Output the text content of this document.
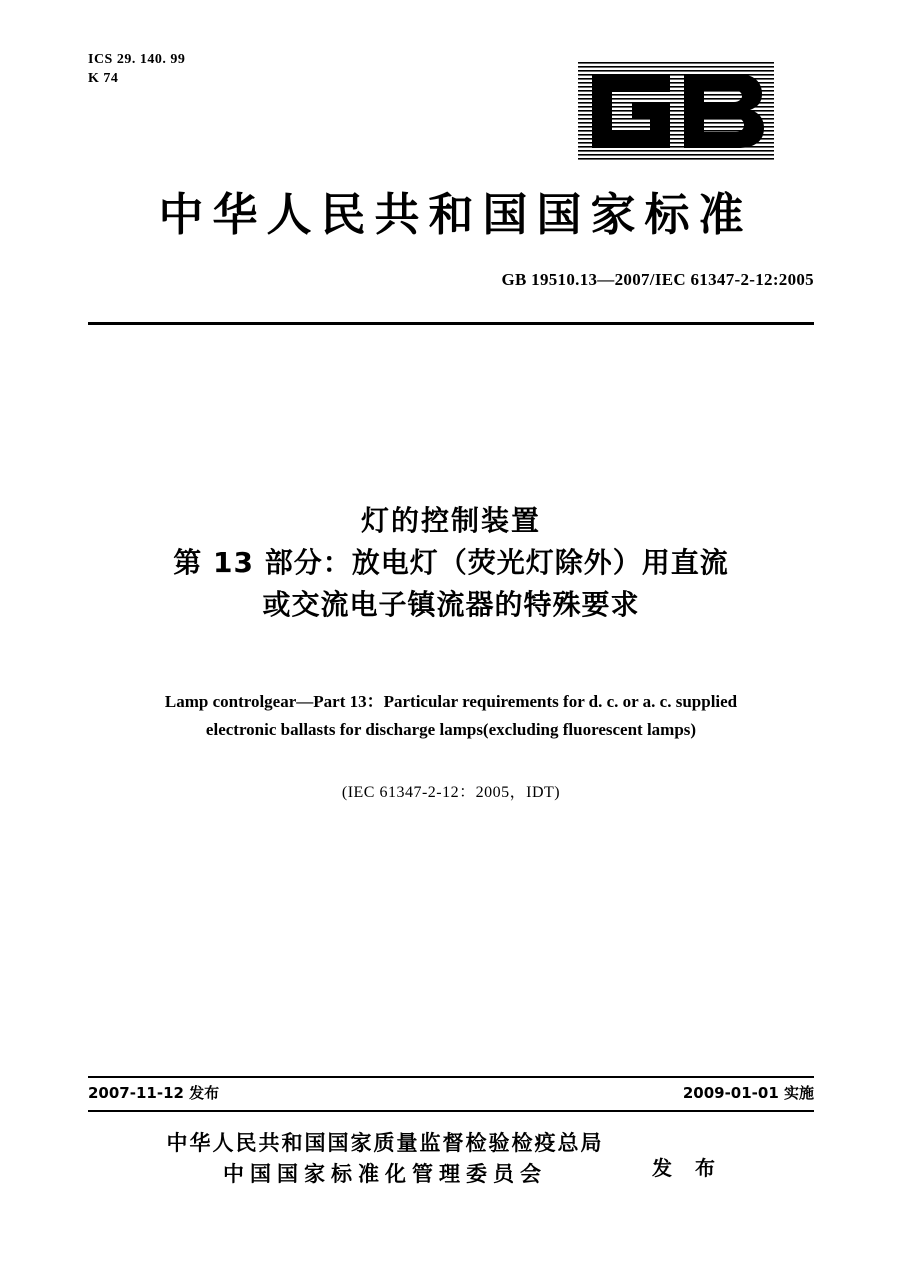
ICS 29. 140. 99
K 74
中华人民共和国国家标准
GB 19510.13—2007/IEC 61347-2-12:2005
灯的控制装置
第 13 部分：放电灯（荧光灯除外）用直流
或交流电子镇流器的特殊要求
Lamp controlgear—Part 13：Particular requirements for d. c. or a. c. supplied
electronic ballasts for discharge lamps(excluding fluorescent lamps)
(IEC 61347-2-12：2005，IDT)
2007-11-12 发布	2009-01-01 实施
中华人民共和国国家质量监督检验检疫总局
中国国家标准化管理委员会	发 布
